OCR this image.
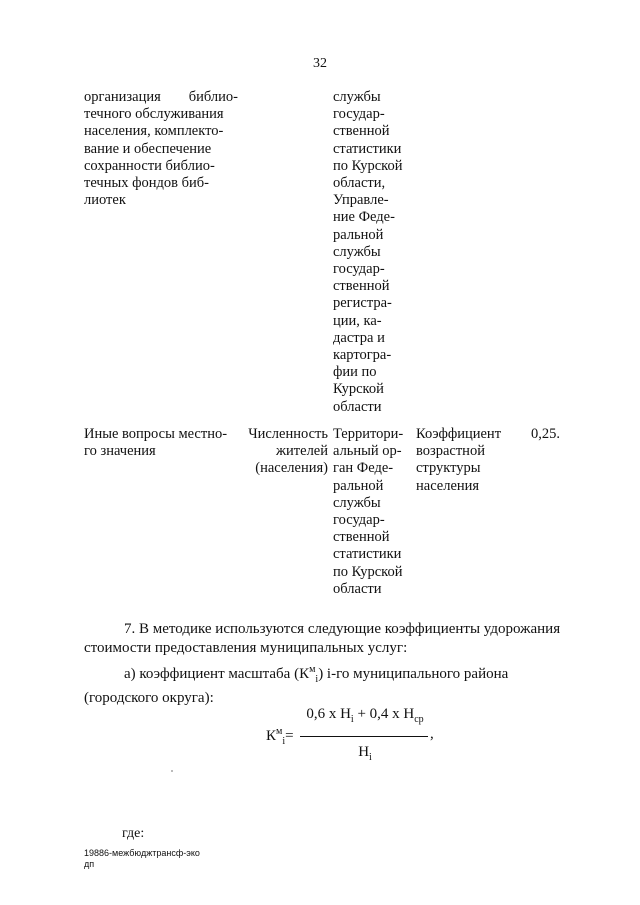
32
организация библио-
течного обслуживания
населения, комплекто-
вание и обеспечение
сохранности библио-
течных фондов биб-
лиотек
службы
государ-
ственной
статистики
по Курской
области,
Управле-
ние Феде-
ральной
службы
государ-
ственной
регистра-
ции, ка-
дастра и
картогра-
фии по
Курской
области
Иные вопросы местно-
го значения
Численность
жителей
(населения)
Территори-
альный ор-
ган Феде-
ральной
службы
государ-
ственной
статистики
по Курской
области
Коэффициент
возрастной
структуры
населения
0,25.
7. В методике используются следующие коэффициенты удорожания стоимости предоставления муниципальных услуг:
а) коэффициент масштаба $(К^м_i)$ i-го муниципального района (городского округа):
$К^м_i=$
0,6 х $Н_i + 0,4$ х $Н_{ср}$
,
$Н_i$
где:
19886-межбюджтрансф-эко
дп
